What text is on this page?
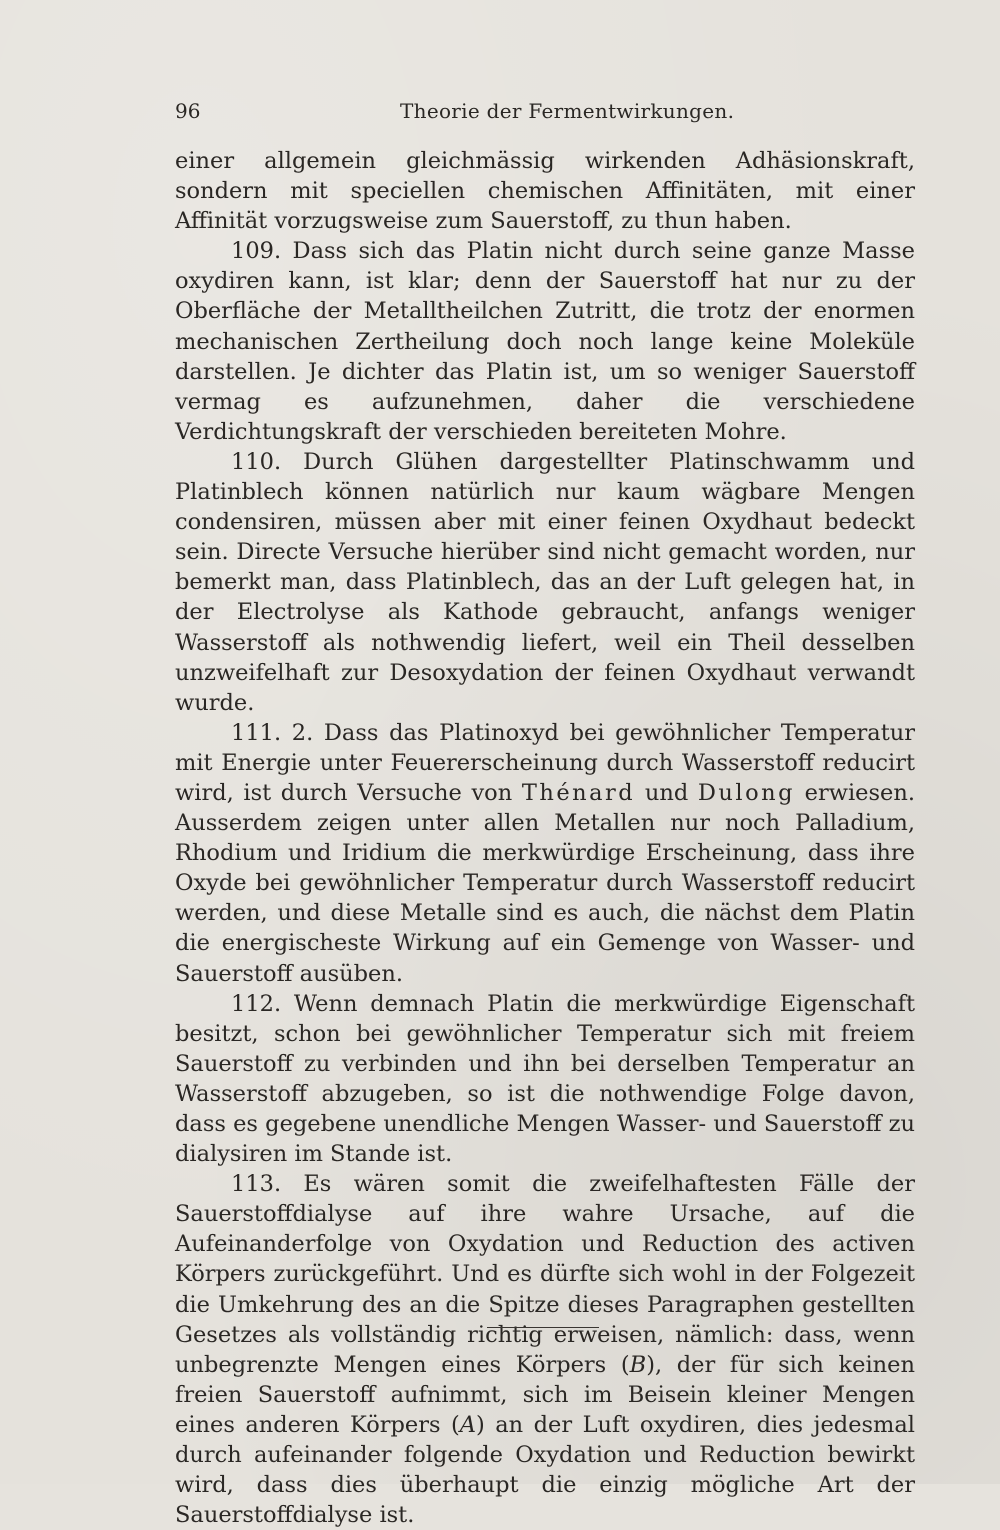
96	Theorie der Fermentwirkungen.

einer allgemein gleichmässig wirkenden Adhäsionskraft, sondern mit speciellen chemischen Affinitäten, mit einer Affinität vorzugsweise zum Sauerstoff, zu thun haben.

109. Dass sich das Platin nicht durch seine ganze Masse oxydiren kann, ist klar; denn der Sauerstoff hat nur zu der Oberfläche der Metalltheilchen Zutritt, die trotz der enormen mechanischen Zertheilung doch noch lange keine Moleküle darstellen. Je dichter das Platin ist, um so weniger Sauerstoff vermag es aufzunehmen, daher die verschiedene Verdichtungskraft der verschieden bereiteten Mohre.

110. Durch Glühen dargestellter Platinschwamm und Platinblech können natürlich nur kaum wägbare Mengen condensiren, müssen aber mit einer feinen Oxydhaut bedeckt sein. Directe Versuche hierüber sind nicht gemacht worden, nur bemerkt man, dass Platinblech, das an der Luft gelegen hat, in der Electrolyse als Kathode gebraucht, anfangs weniger Wasserstoff als nothwendig liefert, weil ein Theil desselben unzweifelhaft zur Desoxydation der feinen Oxydhaut verwandt wurde.

111. 2. Dass das Platinoxyd bei gewöhnlicher Temperatur mit Energie unter Feuererscheinung durch Wasserstoff reducirt wird, ist durch Versuche von Thénard und Dulong erwiesen. Ausserdem zeigen unter allen Metallen nur noch Palladium, Rhodium und Iridium die merkwürdige Erscheinung, dass ihre Oxyde bei gewöhnlicher Temperatur durch Wasserstoff reducirt werden, und diese Metalle sind es auch, die nächst dem Platin die energischeste Wirkung auf ein Gemenge von Wasser- und Sauerstoff ausüben.

112. Wenn demnach Platin die merkwürdige Eigenschaft besitzt, schon bei gewöhnlicher Temperatur sich mit freiem Sauerstoff zu verbinden und ihn bei derselben Temperatur an Wasserstoff abzugeben, so ist die nothwendige Folge davon, dass es gegebene unendliche Mengen Wasser- und Sauerstoff zu dialysiren im Stande ist.

113. Es wären somit die zweifelhaftesten Fälle der Sauerstoffdialyse auf ihre wahre Ursache, auf die Aufeinanderfolge von Oxydation und Reduction des activen Körpers zurückgeführt. Und es dürfte sich wohl in der Folgezeit die Umkehrung des an die Spitze dieses Paragraphen gestellten Gesetzes als vollständig richtig erweisen, nämlich: dass, wenn unbegrenzte Mengen eines Körpers (B), der für sich keinen freien Sauerstoff aufnimmt, sich im Beisein kleiner Mengen eines anderen Körpers (A) an der Luft oxydiren, dies jedesmal durch aufeinander folgende Oxydation und Reduction bewirkt wird, dass dies überhaupt die einzig mögliche Art der Sauerstoffdialyse ist.
